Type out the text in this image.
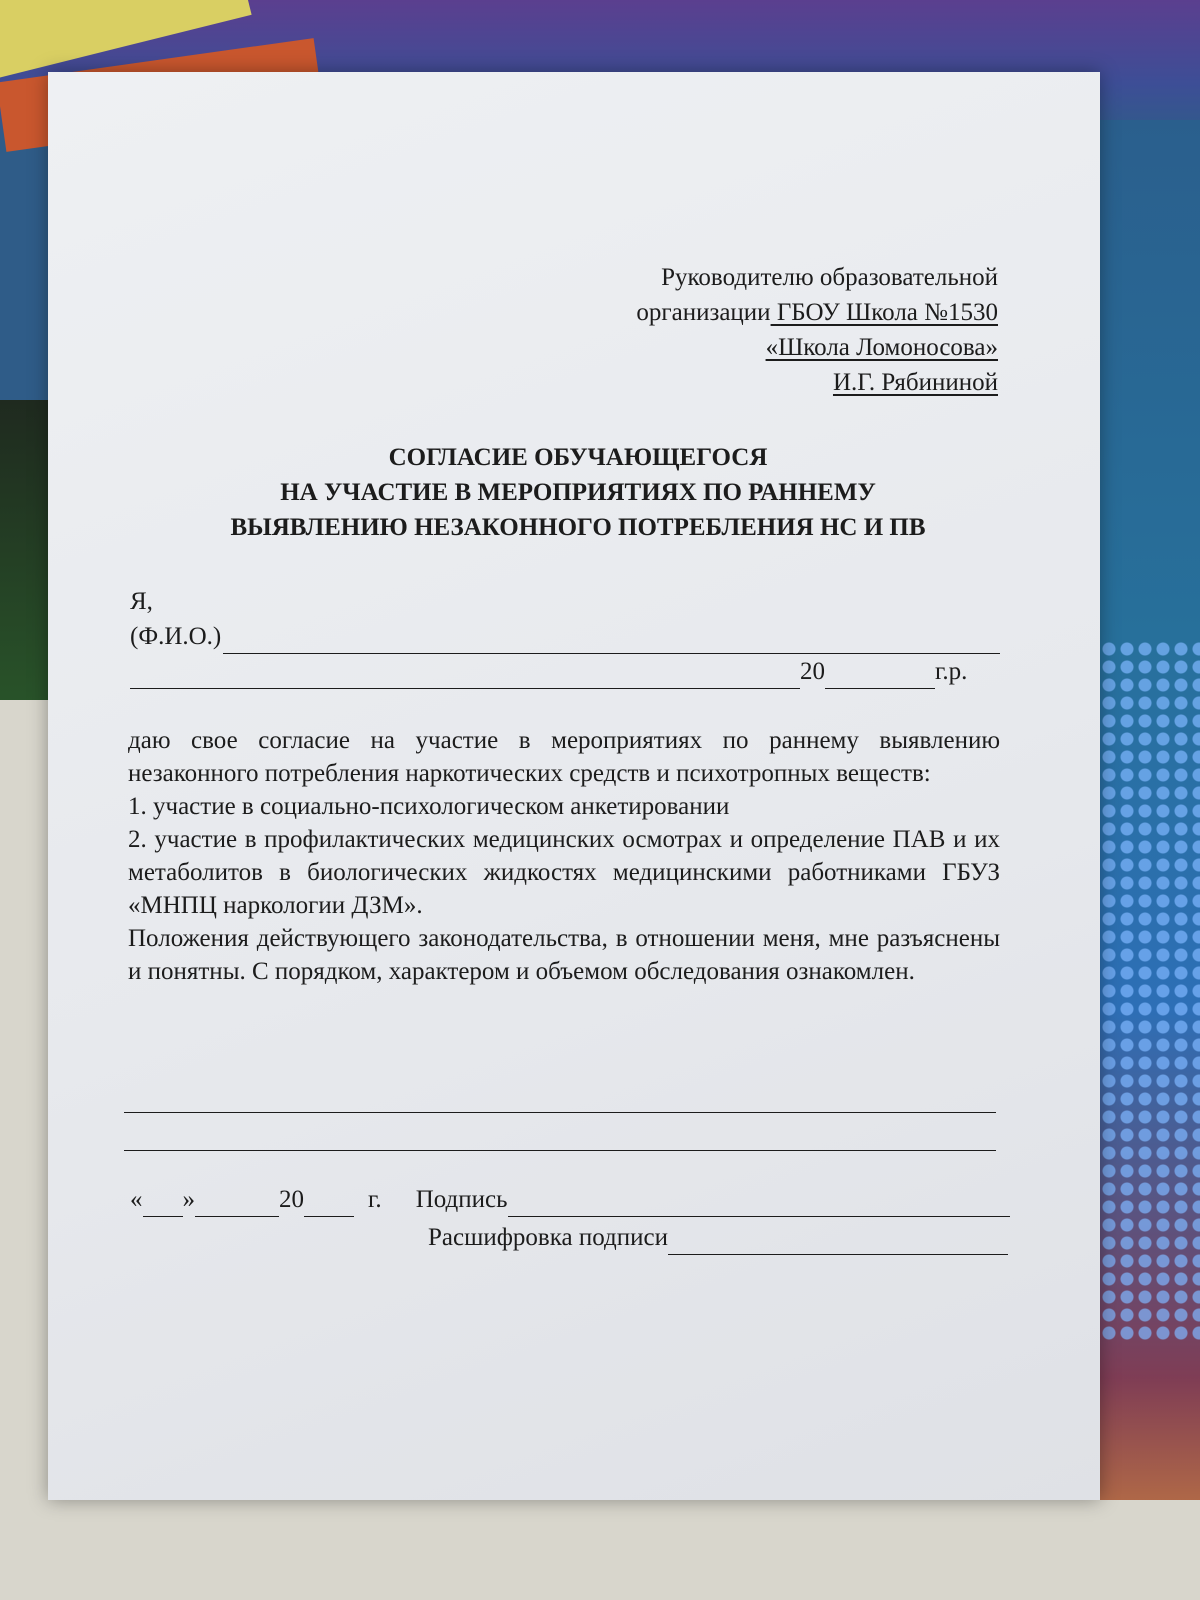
Руководителю образовательной
организации ГБОУ Школа №1530
«Школа Ломоносова»
И.Г. Рябининой
СОГЛАСИЕ ОБУЧАЮЩЕГОСЯ
НА УЧАСТИЕ В МЕРОПРИЯТИЯХ ПО РАННЕМУ
ВЫЯВЛЕНИЮ НЕЗАКОННОГО ПОТРЕБЛЕНИЯ НС И ПВ
Я,
(Ф.И.О.)
20	г.р.

даю свое согласие на участие в мероприятиях по раннему выявлению незаконного потребления наркотических средств и психотропных веществ:

1. участие в социально-психологическом анкетировании

2. участие в профилактических медицинских осмотрах и определение ПАВ и их метаболитов в биологических жидкостях медицинскими работниками ГБУЗ «МНПЦ наркологии ДЗМ».

Положения действующего законодательства, в отношении меня, мне разъяснены и понятны. С порядком, характером и объемом обследования ознакомлен.

« »	20	г. Подпись
Расшифровка подписи
